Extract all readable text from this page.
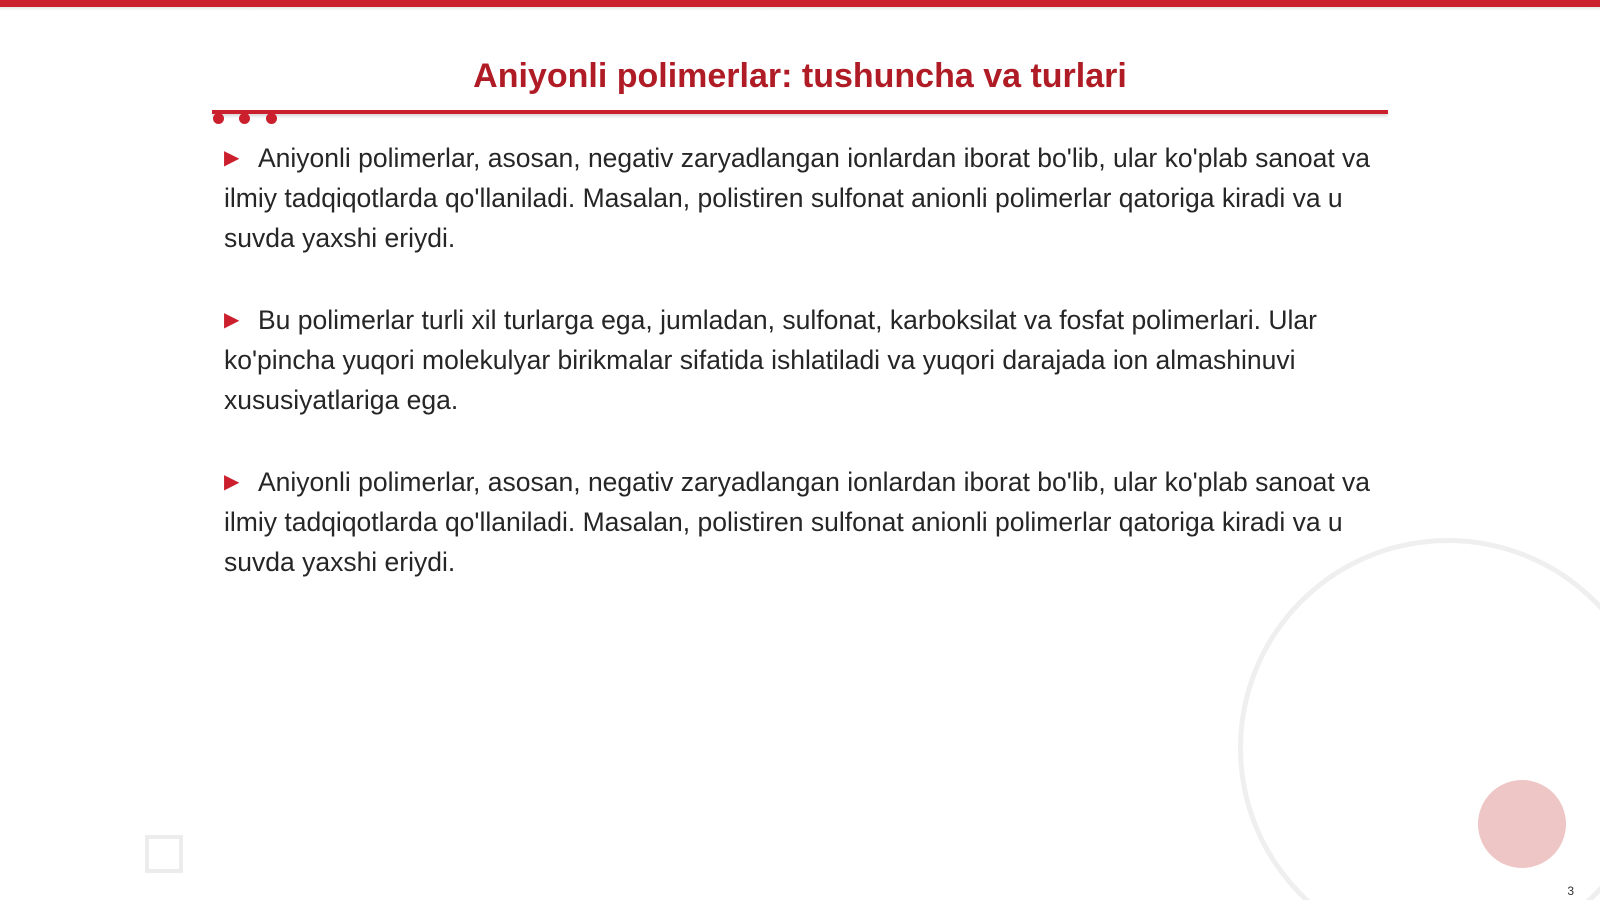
Aniyonli polimerlar: tushuncha va turlari
▶ Aniyonli polimerlar, asosan, negativ zaryadlangan ionlardan iborat bo'lib, ular ko'plab sanoat va ilmiy tadqiqotlarda qo'llaniladi. Masalan, polistiren sulfonat anionli polimerlar qatoriga kiradi va u suvda yaxshi eriydi.
▶ Bu polimerlar turli xil turlarga ega, jumladan, sulfonat, karboksilat va fosfat polimerlari. Ular ko'pincha yuqori molekulyar birikmalar sifatida ishlatiladi va yuqori darajada ion almashinuvi xususiyatlariga ega.
▶ Aniyonli polimerlar, asosan, negativ zaryadlangan ionlardan iborat bo'lib, ular ko'plab sanoat va ilmiy tadqiqotlarda qo'llaniladi. Masalan, polistiren sulfonat anionli polimerlar qatoriga kiradi va u suvda yaxshi eriydi.
3
